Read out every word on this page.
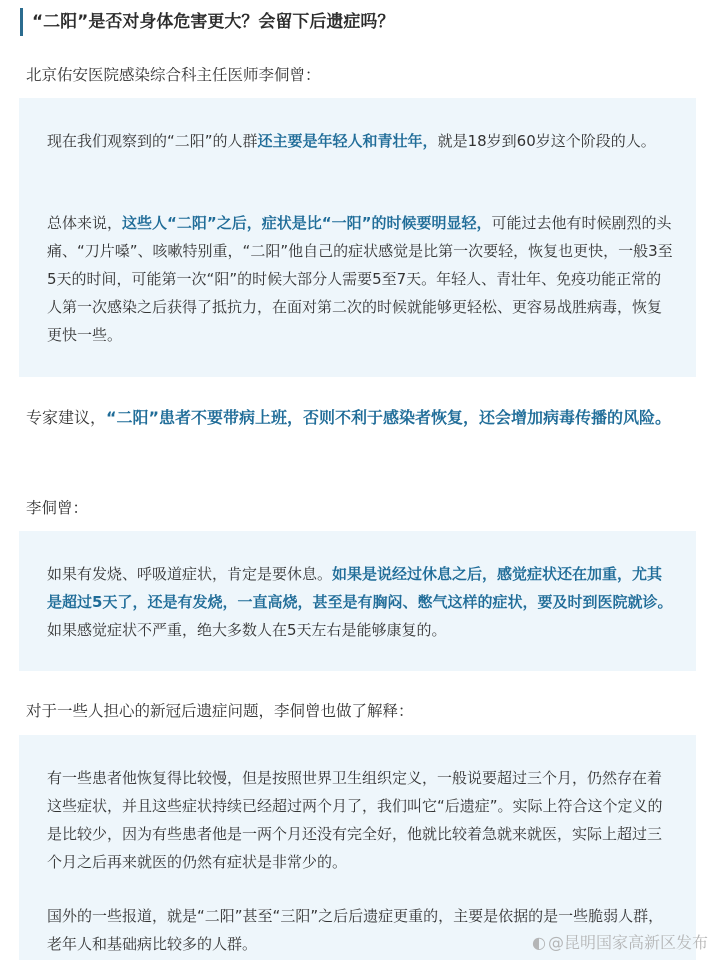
“二阳”是否对身体危害更大？会留下后遗症吗？
北京佑安医院感染综合科主任医师李侗曾：

现在我们观察到的“二阳”的人群还主要是年轻人和青壮年，就是18岁到60岁这个阶段的人。

总体来说，这些人“二阳”之后，症状是比“一阳”的时候要明显轻，可能过去他有时候剧烈的头痛、“刀片嗓”、咳嗽特别重，“二阳”他自己的症状感觉是比第一次要轻，恢复也更快，一般3至5天的时间，可能第一次“阳”的时候大部分人需要5至7天。年轻人、青壮年、免疫功能正常的人第一次感染之后获得了抵抗力，在面对第二次的时候就能够更轻松、更容易战胜病毒，恢复更快一些。

专家建议，“二阳”患者不要带病上班，否则不利于感染者恢复，还会增加病毒传播的风险。
李侗曾：

如果有发烧、呼吸道症状，肯定是要休息。如果是说经过休息之后，感觉症状还在加重，尤其是超过5天了，还是有发烧，一直高烧，甚至是有胸闷、憋气这样的症状，要及时到医院就诊。如果感觉症状不严重，绝大多数人在5天左右是能够康复的。

对于一些人担心的新冠后遗症问题，李侗曾也做了解释：

有一些患者他恢复得比较慢，但是按照世界卫生组织定义，一般说要超过三个月，仍然存在着这些症状，并且这些症状持续已经超过两个月了，我们叫它“后遗症”。实际上符合这个定义的是比较少，因为有些患者他是一两个月还没有完全好，他就比较着急就来就医，实际上超过三个月之后再来就医的仍然有症状是非常少的。

国外的一些报道，就是“二阳”甚至“三阳”之后后遗症更重的，主要是依据的是一些脆弱人群，老年人和基础病比较多的人群。	◐ @昆明国家高新区发布
